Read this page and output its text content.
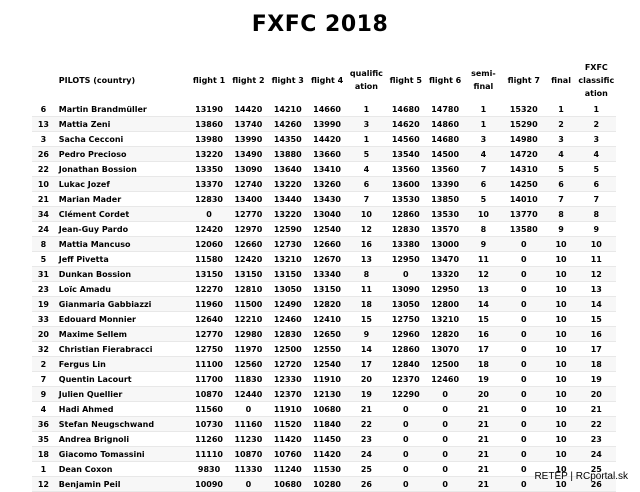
FXFC 2018
	PILOTS (country)	flight 1	flight 2	flight 3	flight 4	qualific ation	flight 5	flight 6	semi-final	flight 7	final	FXFC classific ation
6	Martin Brandmüller	13190	14420	14210	14660	1	14680	14780	1	15320	1	1
13	Mattia Zeni	13860	13740	14260	13990	3	14620	14860	1	15290	2	2
3	Sacha Cecconi	13980	13990	14350	14420	1	14560	14680	3	14980	3	3
26	Pedro Precioso	13220	13490	13880	13660	5	13540	14500	4	14720	4	4
22	Jonathan Bossion	13350	13090	13640	13410	4	13560	13560	7	14310	5	5
10	Lukac Jozef	13370	12740	13220	13260	6	13600	13390	6	14250	6	6
21	Marian Mader	12830	13400	13440	13430	7	13530	13850	5	14010	7	7
34	Clément Cordet	0	12770	13220	13040	10	12860	13530	10	13770	8	8
24	Jean-Guy Pardo	12420	12970	12590	12540	12	12830	13570	8	13580	9	9
8	Mattia Mancuso	12060	12660	12730	12660	16	13380	13000	9	0	10	10
5	Jeff Pivetta	11580	12420	13210	12670	13	12950	13470	11	0	10	11
31	Dunkan Bossion	13150	13150	13150	13340	8	0	13320	12	0	10	12
23	Loïc Amadu	12270	12810	13050	13150	11	13090	12950	13	0	10	13
19	Gianmaria Gabbiazzi	11960	11500	12490	12820	18	13050	12800	14	0	10	14
33	Edouard Monnier	12640	12210	12460	12410	15	12750	13210	15	0	10	15
20	Maxime Sellem	12770	12980	12830	12650	9	12960	12820	16	0	10	16
32	Christian Fierabracci	12750	11970	12500	12550	14	12860	13070	17	0	10	17
2	Fergus Lin	11100	12560	12720	12540	17	12840	12500	18	0	10	18
7	Quentin Lacourt	11700	11830	12330	11910	20	12370	12460	19	0	10	19
9	Julien Quellier	10870	12440	12370	12130	19	12290	0	20	0	10	20
4	Hadi Ahmed	11560	0	11910	10680	21	0	0	21	0	10	21
36	Stefan Neugschwand	10730	11160	11520	11840	22	0	0	21	0	10	22
35	Andrea Brignoli	11260	11230	11420	11450	23	0	0	21	0	10	23
18	Giacomo Tomassini	11110	10870	10760	11420	24	0	0	21	0	10	24
1	Dean Coxon	9830	11330	11240	11530	25	0	0	21	0	10	25
12	Benjamin Peil	10090	0	10680	10280	26	0	0	21	0	10	26
RETEP | RCportal.sk
